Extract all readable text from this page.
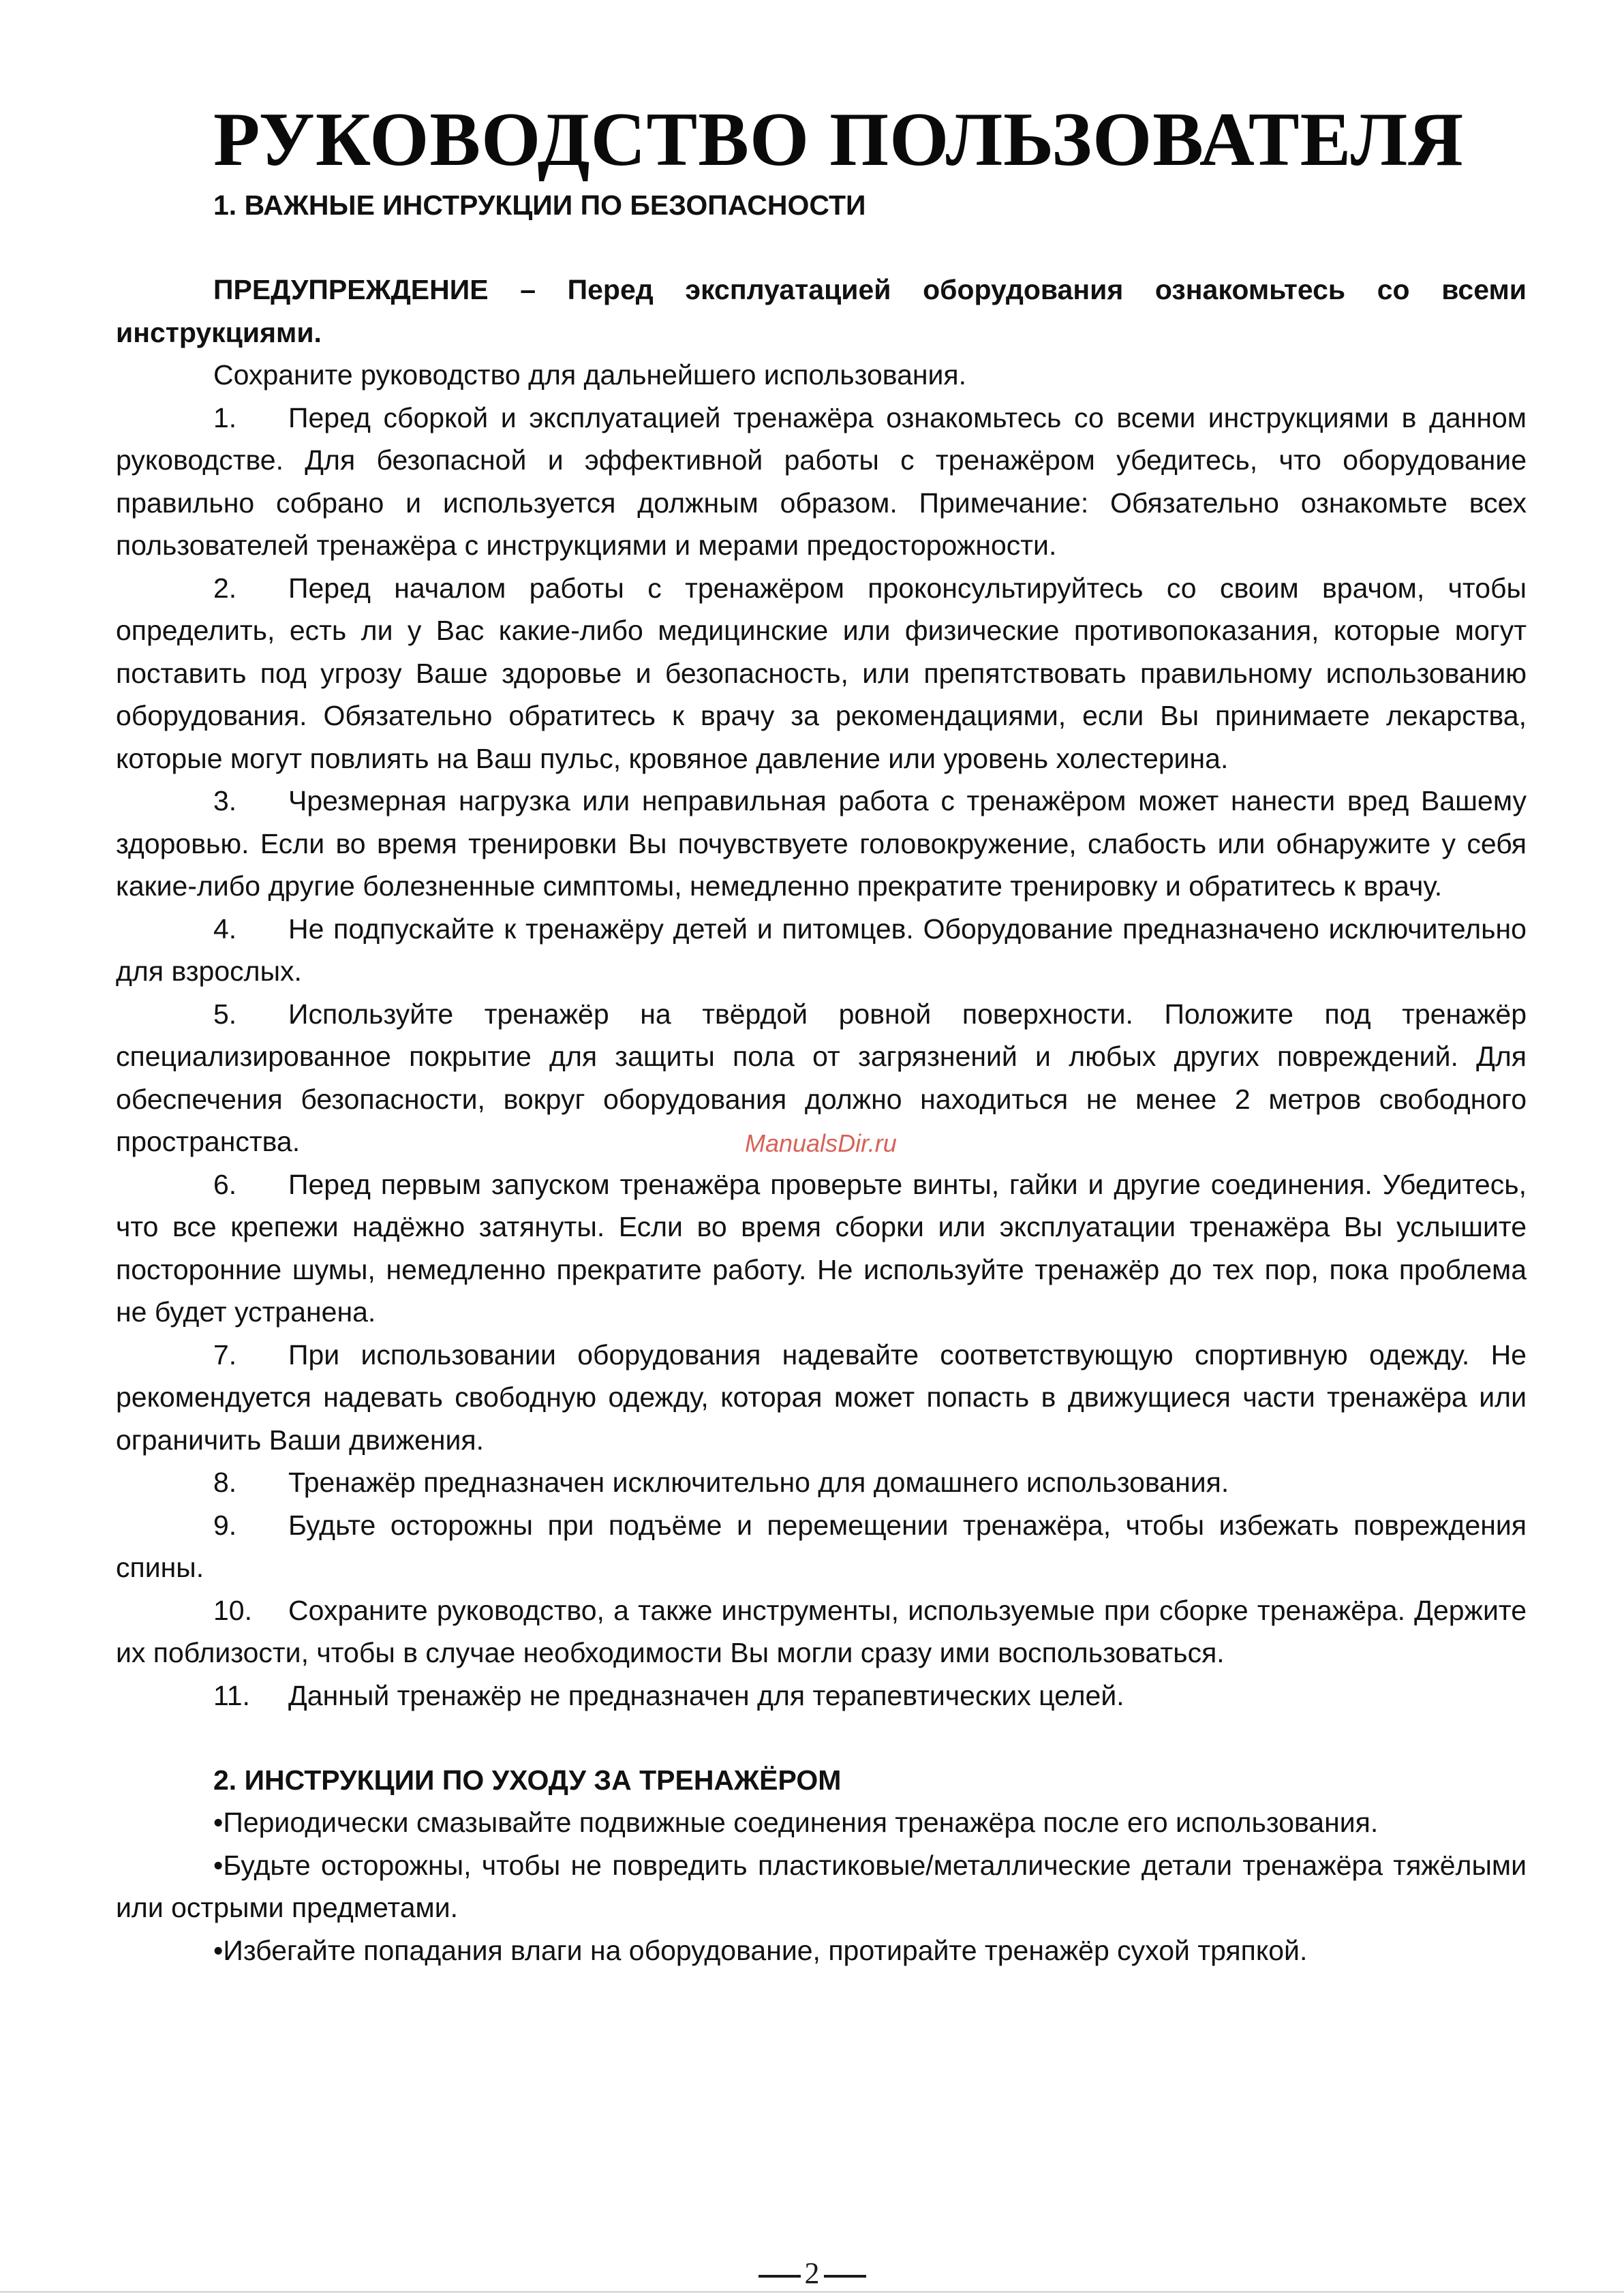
РУКОВОДСТВО ПОЛЬЗОВАТЕЛЯ
1. ВАЖНЫЕ ИНСТРУКЦИИ ПО БЕЗОПАСНОСТИ

ПРЕДУПРЕЖДЕНИЕ – Перед эксплуатацией оборудования ознакомьтесь со всеми инструкциями.

Сохраните руководство для дальнейшего использования.

1. Перед сборкой и эксплуатацией тренажёра ознакомьтесь со всеми инструкциями в данном руководстве. Для безопасной и эффективной работы с тренажёром убедитесь, что оборудование правильно собрано и используется должным образом. Примечание: Обязательно ознакомьте всех пользователей тренажёра с инструкциями и мерами предосторожности.

2. Перед началом работы с тренажёром проконсультируйтесь со своим врачом, чтобы определить, есть ли у Вас какие-либо медицинские или физические противопоказания, которые могут поставить под угрозу Ваше здоровье и безопасность, или препятствовать правильному использованию оборудования. Обязательно обратитесь к врачу за рекомендациями, если Вы принимаете лекарства, которые могут повлиять на Ваш пульс, кровяное давление или уровень холестерина.

3. Чрезмерная нагрузка или неправильная работа с тренажёром может нанести вред Вашему здоровью. Если во время тренировки Вы почувствуете головокружение, слабость или обнаружите у себя какие-либо другие болезненные симптомы, немедленно прекратите тренировку и обратитесь к врачу.

4. Не подпускайте к тренажёру детей и питомцев. Оборудование предназначено исключительно для взрослых.

5. Используйте тренажёр на твёрдой ровной поверхности. Положите под тренажёр специализированное покрытие для защиты пола от загрязнений и любых других повреждений. Для обеспечения безопасности, вокруг оборудования должно находиться не менее 2 метров свободного пространства.

6. Перед первым запуском тренажёра проверьте винты, гайки и другие соединения. Убедитесь, что все крепежи надёжно затянуты. Если во время сборки или эксплуатации тренажёра Вы услышите посторонние шумы, немедленно прекратите работу. Не используйте тренажёр до тех пор, пока проблема не будет устранена.

7. При использовании оборудования надевайте соответствующую спортивную одежду. Не рекомендуется надевать свободную одежду, которая может попасть в движущиеся части тренажёра или ограничить Ваши движения.

8. Тренажёр предназначен исключительно для домашнего использования.

9. Будьте осторожны при подъёме и перемещении тренажёра, чтобы избежать повреждения спины.

10. Сохраните руководство, а также инструменты, используемые при сборке тренажёра. Держите их поблизости, чтобы в случае необходимости Вы могли сразу ими воспользоваться.

11. Данный тренажёр не предназначен для терапевтических целей.

2. ИНСТРУКЦИИ ПО УХОДУ ЗА ТРЕНАЖЁРОМ

•Периодически смазывайте подвижные соединения тренажёра после его использования.

•Будьте осторожны, чтобы не повредить пластиковые/металлические детали тренажёра тяжёлыми или острыми предметами.

•Избегайте попадания влаги на оборудование, протирайте тренажёр сухой тряпкой.

ManualsDir.ru
2
